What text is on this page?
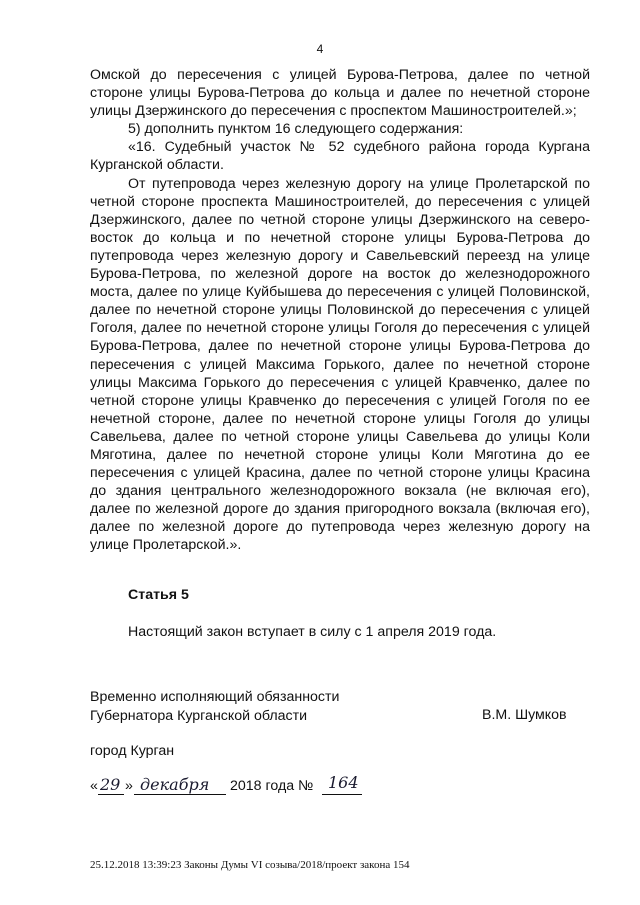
4

Омской до пересечения с улицей Бурова-Петрова, далее по четной стороне улицы Бурова-Петрова до кольца и далее по нечетной стороне улицы Дзержинского до пересечения с проспектом Машиностроителей.»;

5) дополнить пунктом 16 следующего содержания:

«16. Судебный участок № 52 судебного района города Кургана Курганской области.

От путепровода через железную дорогу на улице Пролетарской по четной стороне проспекта Машиностроителей, до пересечения с улицей Дзержинского, далее по четной стороне улицы Дзержинского на северо-восток до кольца и по нечетной стороне улицы Бурова-Петрова до путепровода через железную дорогу и Савельевский переезд на улице Бурова-Петрова, по железной дороге на восток до железнодорожного моста, далее по улице Куйбышева до пересечения с улицей Половинской, далее по нечетной стороне улицы Половинской до пересечения с улицей Гоголя, далее по нечетной стороне улицы Гоголя до пересечения с улицей Бурова-Петрова, далее по нечетной стороне улицы Бурова-Петрова до пересечения с улицей Максима Горького, далее по нечетной стороне улицы Максима Горького до пересечения с улицей Кравченко, далее по четной стороне улицы Кравченко до пересечения с улицей Гоголя по ее нечетной стороне, далее по нечетной стороне улицы Гоголя до улицы Савельева, далее по четной стороне улицы Савельева до улицы Коли Мяготина, далее по нечетной стороне улицы Коли Мяготина до ее пересечения с улицей Красина, далее по четной стороне улицы Красина до здания центрального железнодорожного вокзала (не включая его), далее по железной дороге до здания пригородного вокзала (включая его), далее по железной дороге до путепровода через железную дорогу на улице Пролетарской.».

Статья 5
Настоящий закон вступает в силу с 1 апреля 2019 года.
Временно исполняющий обязанности
Губернатора Курганской области	В.М. Шумков
город Курган
« 29 » декабря 2018 года № 164
25.12.2018 13:39:23 Законы Думы VI созыва/2018/проект закона 154
